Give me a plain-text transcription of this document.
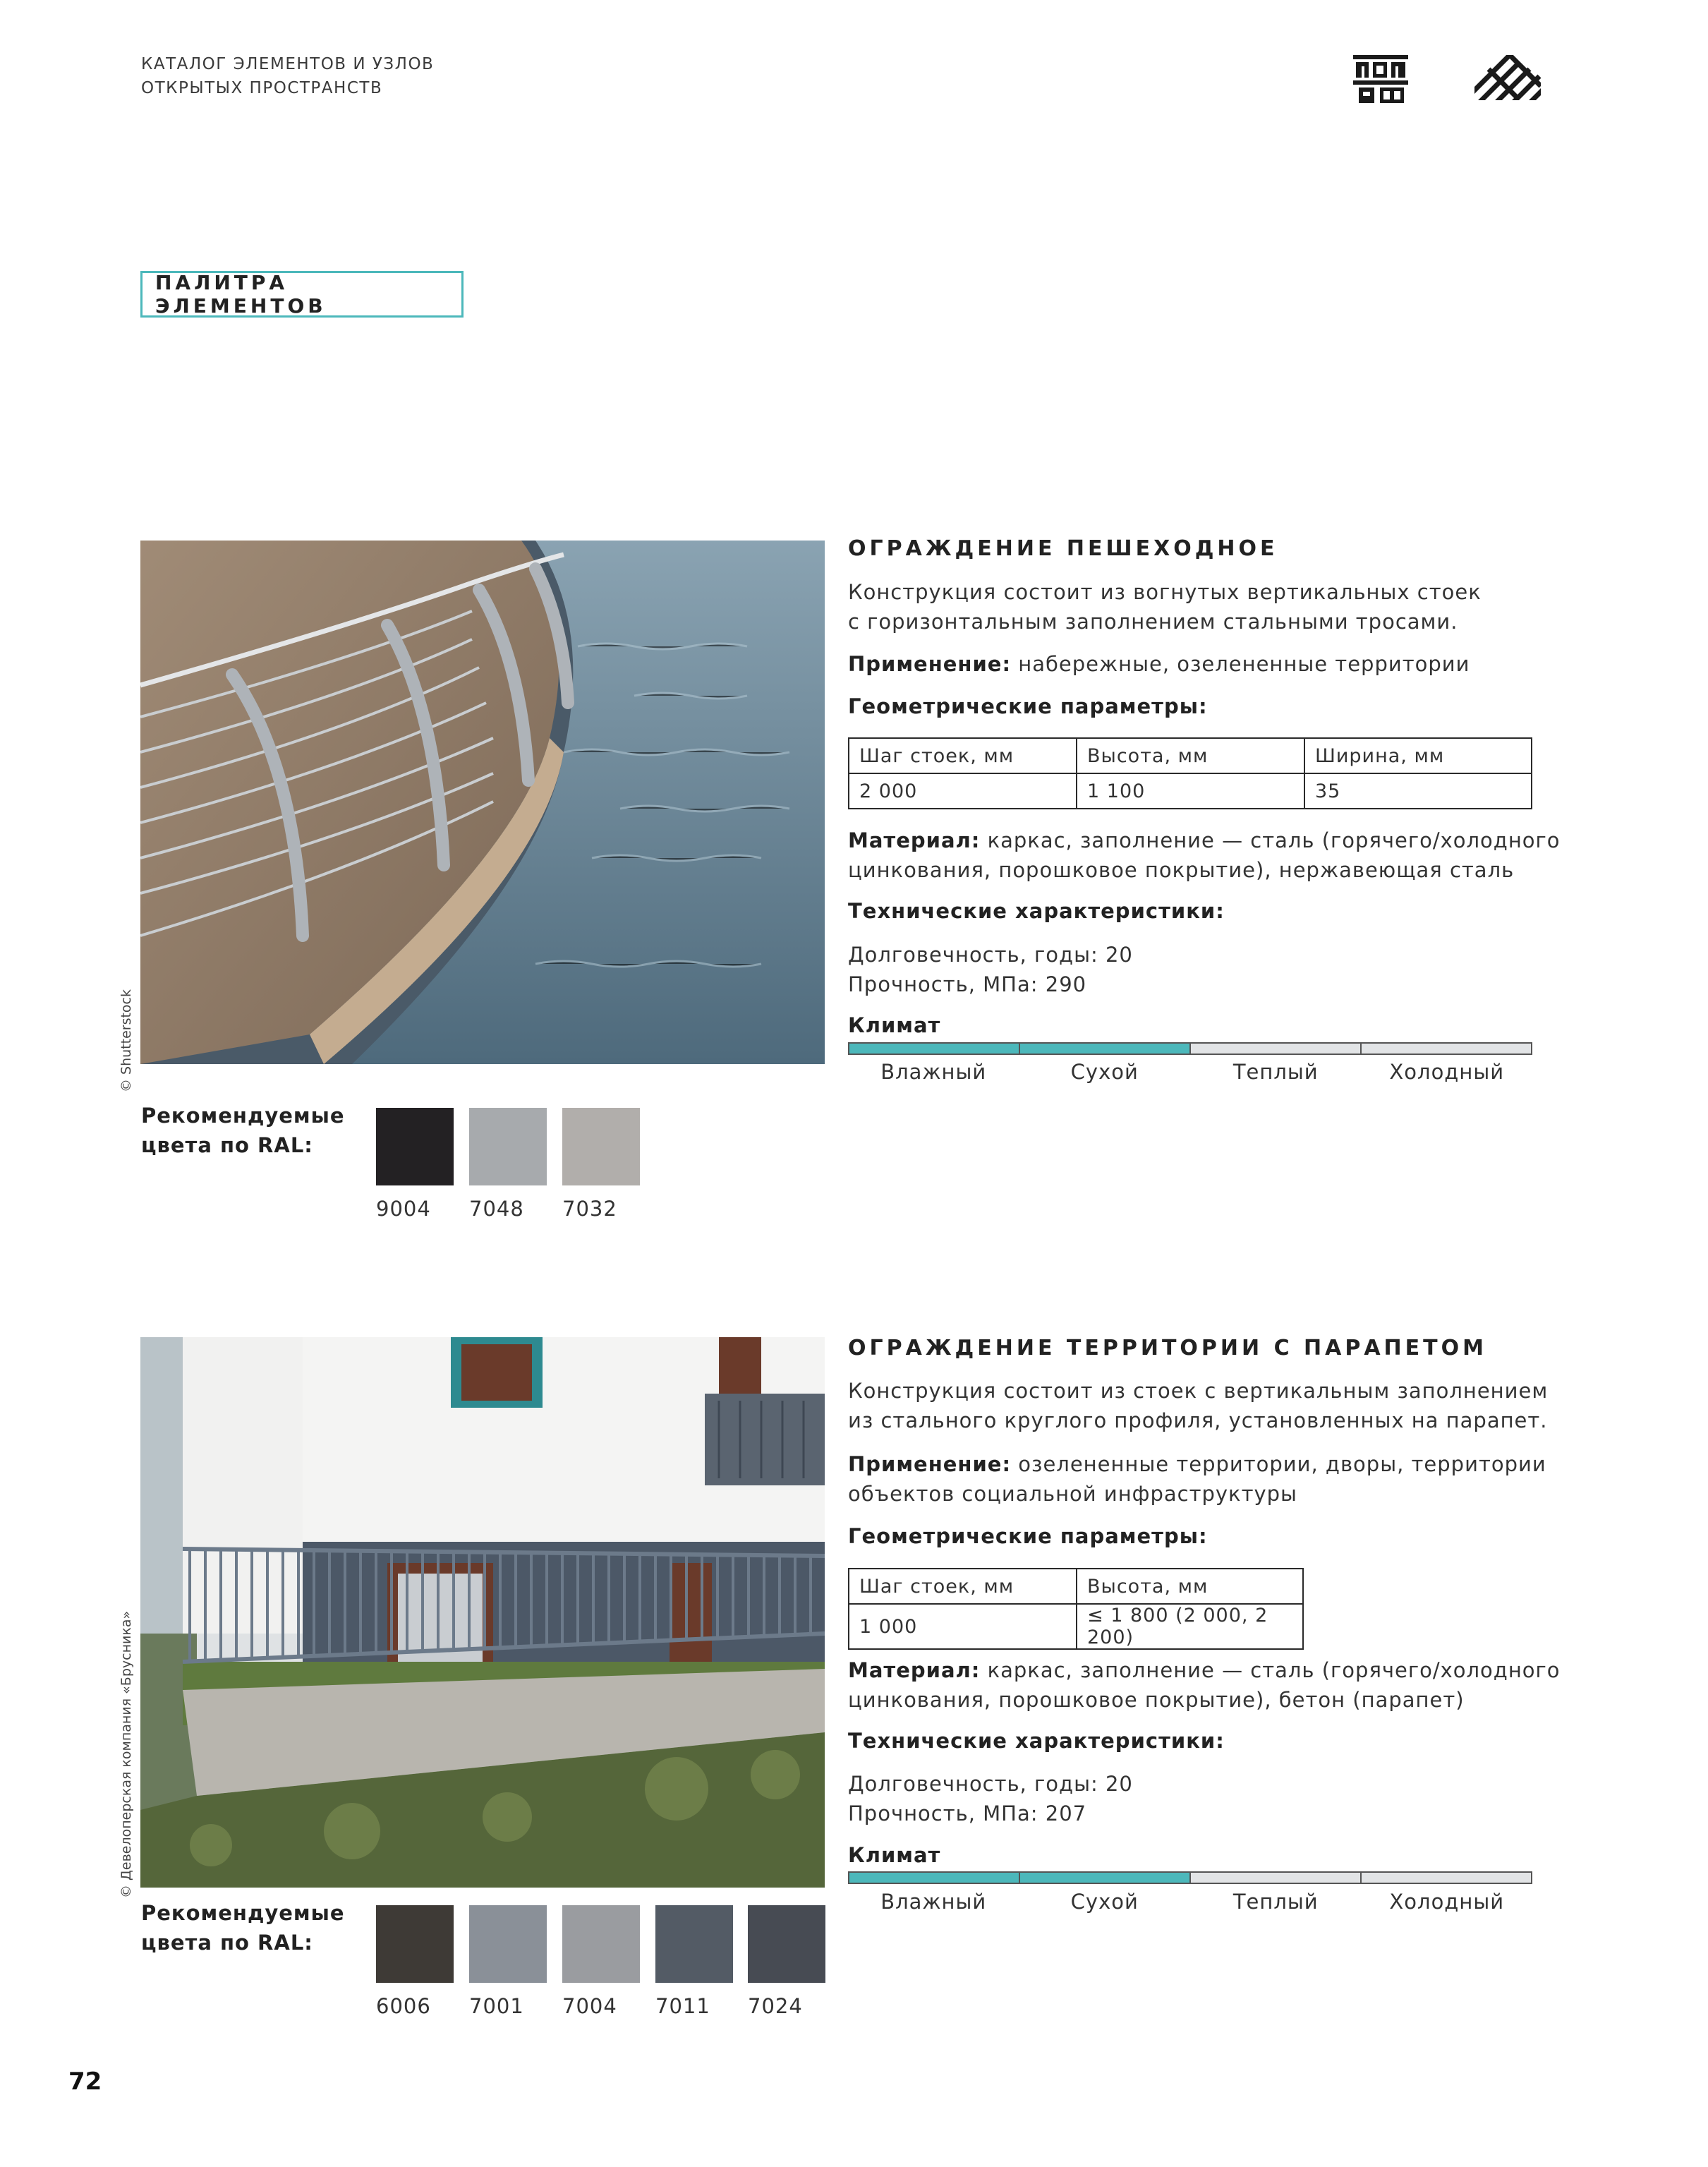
КАТАЛОГ ЭЛЕМЕНТОВ И УЗЛОВ
ОТКРЫТЫХ ПРОСТРАНСТВ
ПАЛИТРА ЭЛЕМЕНТОВ
© Shutterstock
ОГРАЖДЕНИЕ ПЕШЕХОДНОЕ
Конструкция состоит из вогнутых вертикальных стоек
с горизонтальным заполнением стальными тросами.
Применение: набережные, озелененные территории
Геометрические параметры:
Шаг стоек, мм	Высота, мм	Ширина, мм
2 000	1 100	35
Материал: каркас, заполнение — сталь (горячего/холодного
цинкования, порошковое покрытие), нержавеющая сталь
Технические характеристики:
Долговечность, годы: 20
Прочность, МПа: 290
Климат
Влажный	Сухой	Теплый	Холодный
Рекомендуемые
цвета по RAL:
9004 7048 7032
© Девелоперская компания «Брусника»
ОГРАЖДЕНИЕ ТЕРРИТОРИИ С ПАРАПЕТОМ
Конструкция состоит из стоек с вертикальным заполнением
из стального круглого профиля, установленных на парапет.
Применение: озелененные территории, дворы, территории
объектов социальной инфраструктуры
Геометрические параметры:
Шаг стоек, мм	Высота, мм
1 000	≤ 1 800 (2 000, 2 200)
Материал: каркас, заполнение — сталь (горячего/холодного
цинкования, порошковое покрытие), бетон (парапет)
Технические характеристики:
Долговечность, годы: 20
Прочность, МПа: 207
Климат
Влажный	Сухой	Теплый	Холодный
Рекомендуемые
цвета по RAL:
6006 7001 7004 7011 7024
72
